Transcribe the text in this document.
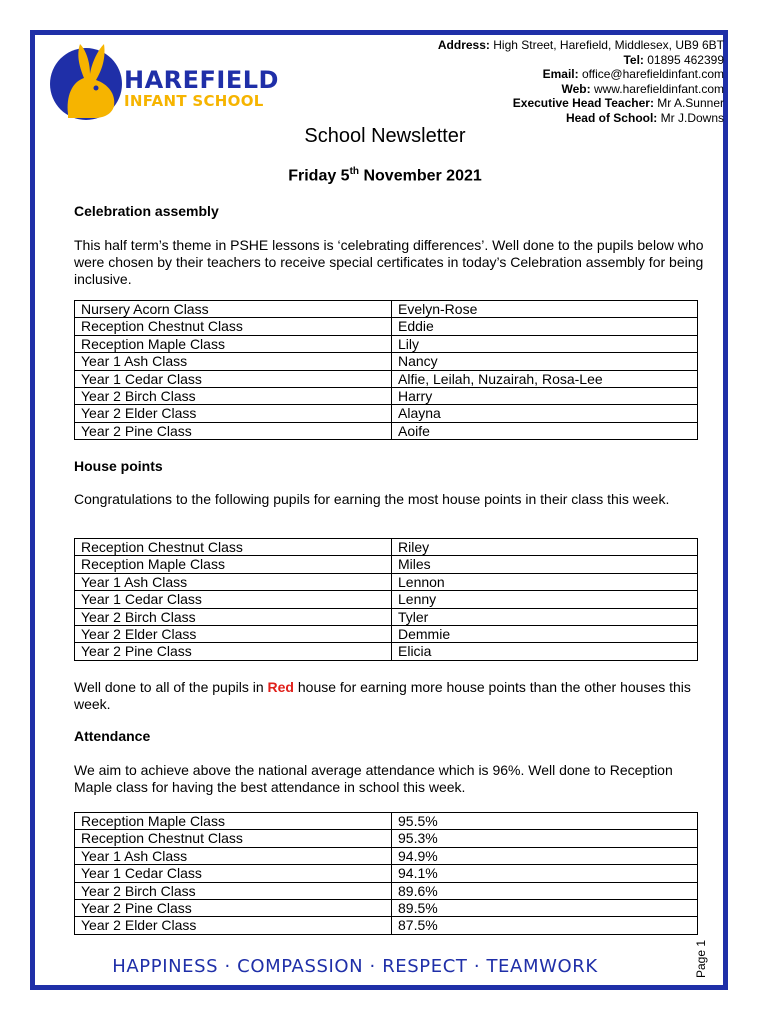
HAREFIELD
INFANT SCHOOL
Address: High Street, Harefield, Middlesex, UB9 6BT
Tel: 01895 462399
Email: office@harefieldinfant.com
Web: www.harefieldinfant.com
Executive Head Teacher: Mr A.Sunner
Head of School: Mr J.Downs
School Newsletter
Friday 5th November 2021
Celebration assembly
This half term’s theme in PSHE lessons is ‘celebrating differences’. Well done to the pupils below who were chosen by their teachers to receive special certificates in today’s Celebration assembly for being inclusive.
Nursery Acorn Class	Evelyn-Rose
Reception Chestnut Class	Eddie
Reception Maple Class	Lily
Year 1 Ash Class	Nancy
Year 1 Cedar Class	Alfie, Leilah, Nuzairah, Rosa-Lee
Year 2 Birch Class	Harry
Year 2 Elder Class	Alayna
Year 2 Pine Class	Aoife
House points
Congratulations to the following pupils for earning the most house points in their class this week.
Reception Chestnut Class	Riley
Reception Maple Class	Miles
Year 1 Ash Class	Lennon
Year 1 Cedar Class	Lenny
Year 2 Birch Class	Tyler
Year 2 Elder Class	Demmie
Year 2 Pine Class	Elicia
Well done to all of the pupils in Red house for earning more house points than the other houses this week.
Attendance
We aim to achieve above the national average attendance which is 96%. Well done to Reception Maple class for having the best attendance in school this week.
Reception Maple Class	95.5%
Reception Chestnut Class	95.3%
Year 1 Ash Class	94.9%
Year 1 Cedar Class	94.1%
Year 2 Birch Class	89.6%
Year 2 Pine Class	89.5%
Year 2 Elder Class	87.5%
HAPPINESS · COMPASSION · RESPECT · TEAMWORK	Page 1
